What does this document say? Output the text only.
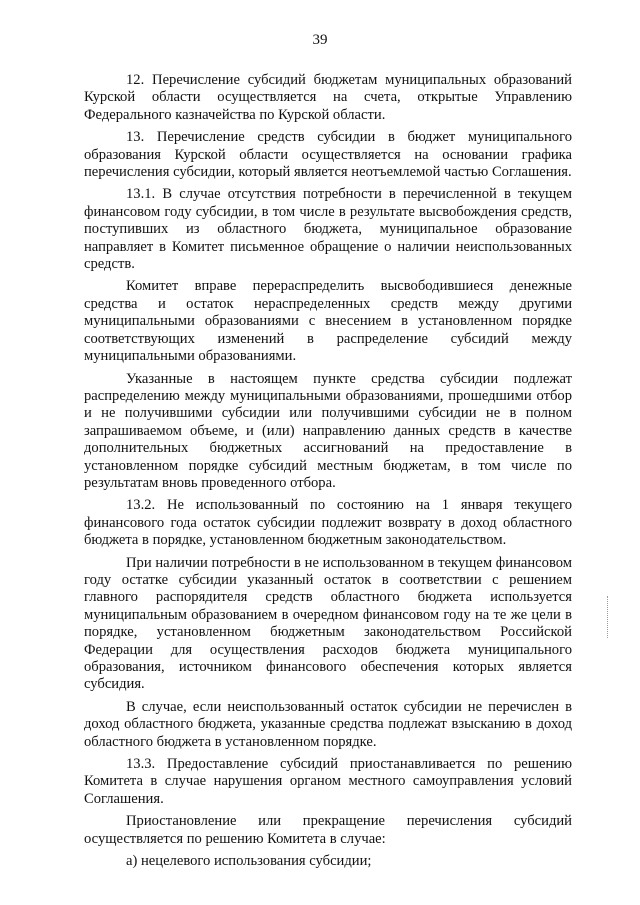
39

12. Перечисление субсидий бюджетам муниципальных образований Курской области осуществляется на счета, открытые Управлению Федерального казначейства по Курской области.

13. Перечисление средств субсидии в бюджет муниципального образования Курской области осуществляется на основании графика перечисления субсидии, который является неотъемлемой частью Соглашения.

13.1. В случае отсутствия потребности в перечисленной в текущем финансовом году субсидии, в том числе в результате высвобождения средств, поступивших из областного бюджета, муниципальное образование направляет в Комитет письменное обращение о наличии неиспользованных средств.

Комитет вправе перераспределить высвободившиеся денежные средства и остаток нераспределенных средств между другими муниципальными образованиями с внесением в установленном порядке соответствующих изменений в распределение субсидий между муниципальными образованиями.

Указанные в настоящем пункте средства субсидии подлежат распределению между муниципальными образованиями, прошедшими отбор и не получившими субсидии или получившими субсидии не в полном запрашиваемом объеме, и (или) направлению данных средств в качестве дополнительных бюджетных ассигнований на предоставление в установленном порядке субсидий местным бюджетам, в том числе по результатам вновь проведенного отбора.

13.2. Не использованный по состоянию на 1 января текущего финансового года остаток субсидии подлежит возврату в доход областного бюджета в порядке, установленном бюджетным законодательством.

При наличии потребности в не использованном в текущем финансовом году остатке субсидии указанный остаток в соответствии с решением главного распорядителя средств областного бюджета используется муниципальным образованием в очередном финансовом году на те же цели в порядке, установленном бюджетным законодательством Российской Федерации для осуществления расходов бюджета муниципального образования, источником финансового обеспечения которых является субсидия.

В случае, если неиспользованный остаток субсидии не перечислен в доход областного бюджета, указанные средства подлежат взысканию в доход областного бюджета в установленном порядке.

13.3. Предоставление субсидий приостанавливается по решению Комитета в случае нарушения органом местного самоуправления условий Соглашения.

Приостановление или прекращение перечисления субсидий осуществляется по решению Комитета в случае:

а) нецелевого использования субсидии;
